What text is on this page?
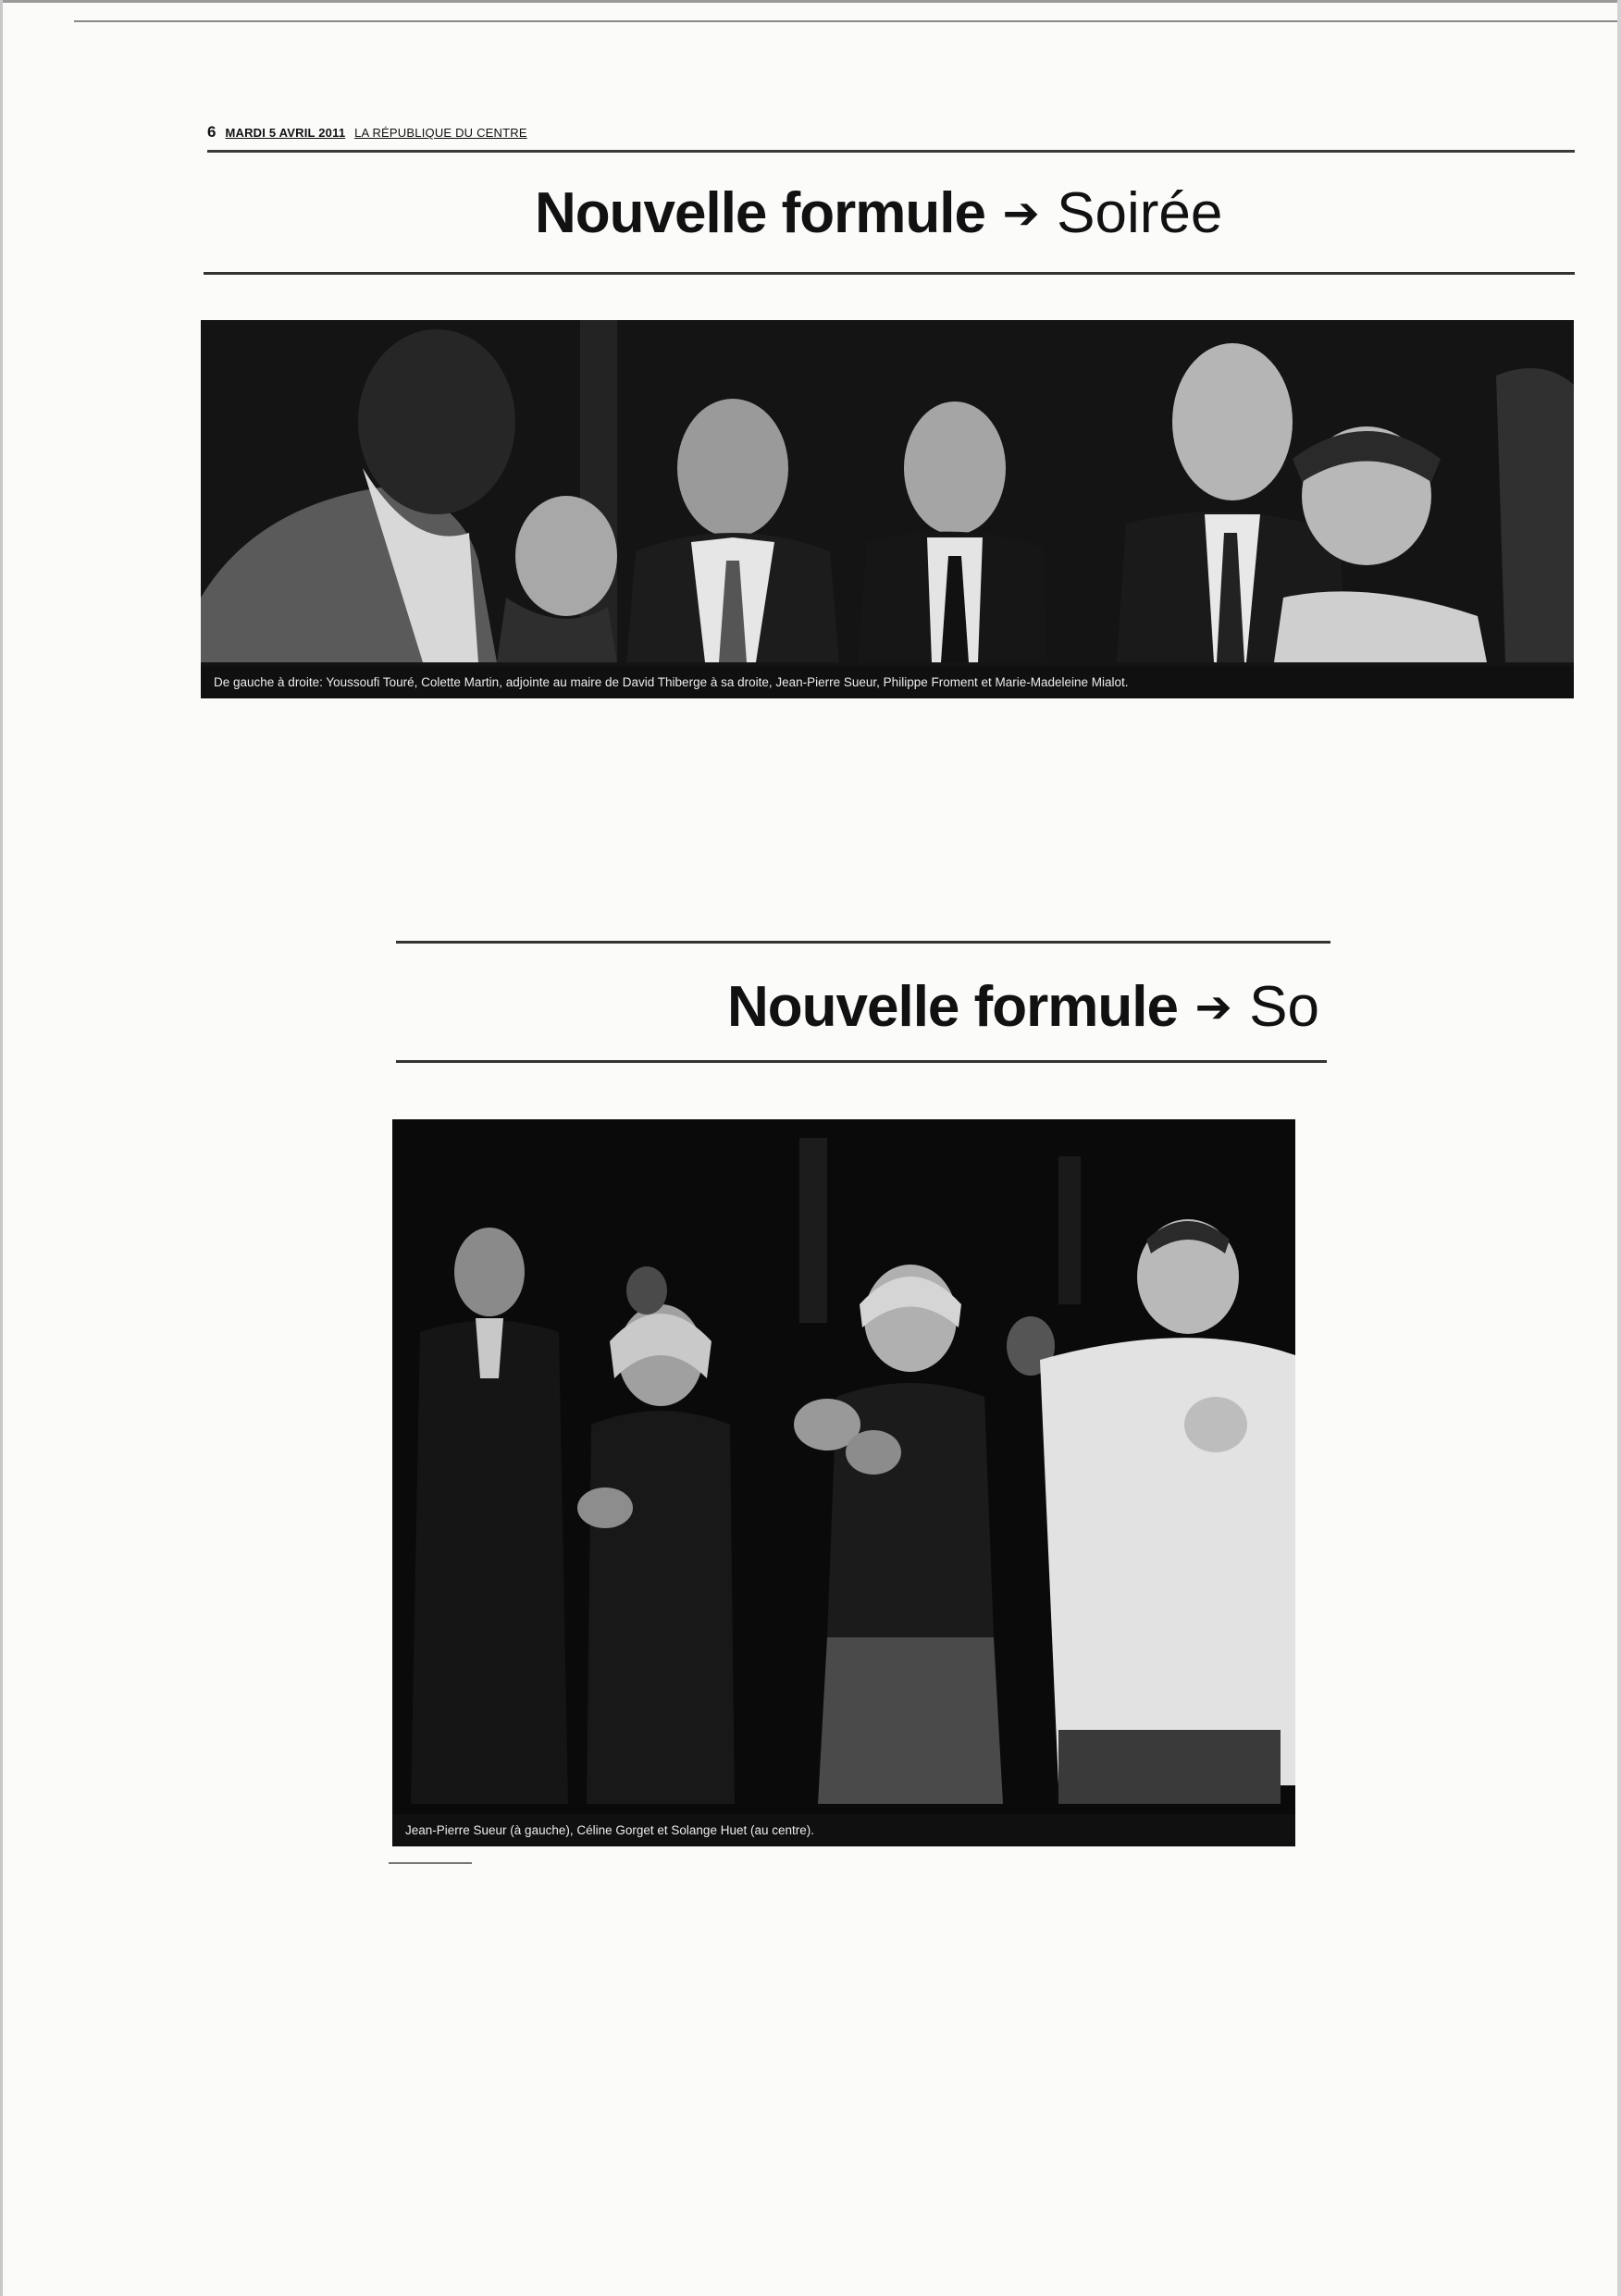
6 MARDI 5 AVRIL 2011 LA RÉPUBLIQUE DU CENTRE
Nouvelle formule ➔ Soirée
De gauche à droite: Youssoufi Touré, Colette Martin, adjointe au maire de David Thiberge à sa droite, Jean-Pierre Sueur, Philippe Froment et Marie-Madeleine Mialot.
Nouvelle formule ➔ So
Jean-Pierre Sueur (à gauche), Céline Gorget et Solange Huet (au centre).
